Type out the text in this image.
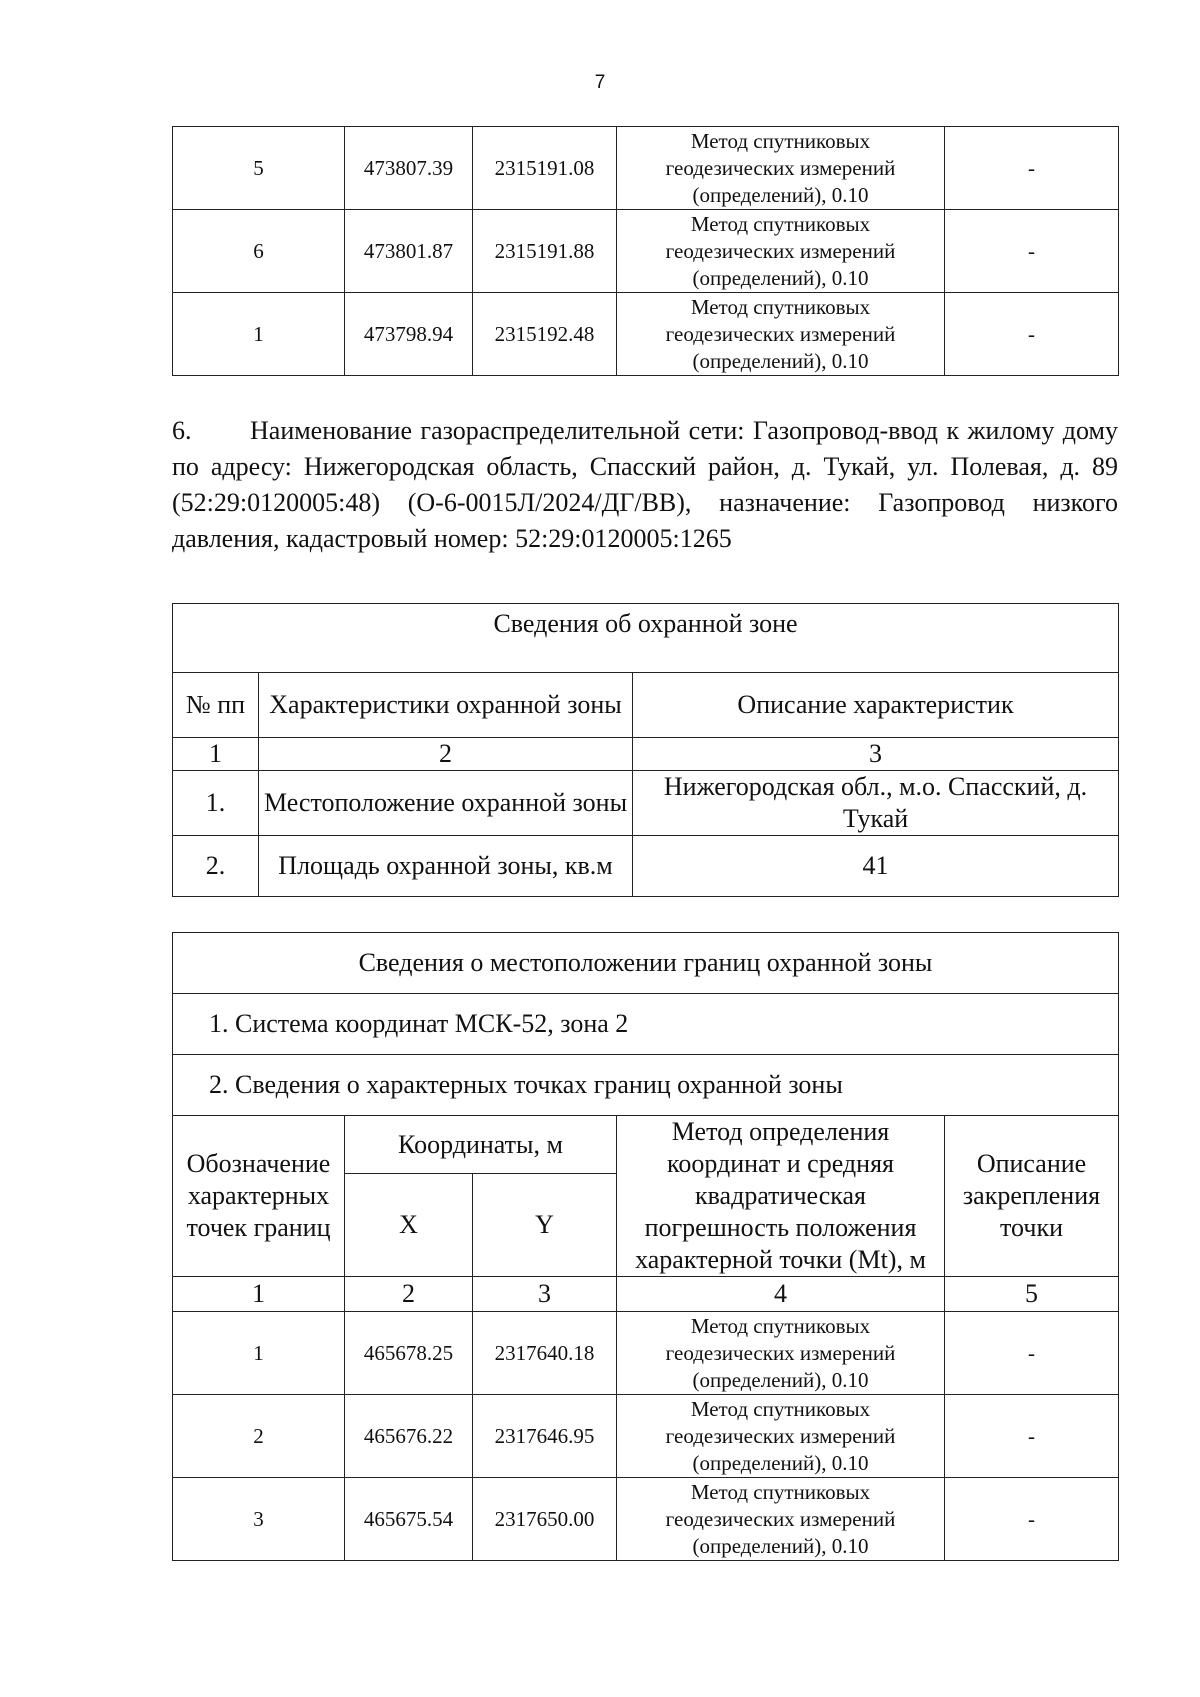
7
5	473807.39	2315191.08	Метод спутниковых
геодезических измерений
(определений), 0.10	-
6	473801.87	2315191.88	Метод спутниковых
геодезических измерений
(определений), 0.10	-
1	473798.94	2315192.48	Метод спутниковых
геодезических измерений
(определений), 0.10	-
6. Наименование газораспределительной сети: Газопровод-ввод к жилому дому по адресу: Нижегородская область, Спасский район, д. Тукай, ул. Полевая, д. 89 (52:29:0120005:48) (О-6-0015Л/2024/ДГ/ВВ), назначение: Газопровод низкого давления, кадастровый номер: 52:29:0120005:1265
Сведения об охранной зоне		
№ пп	Характеристики охранной зоны	Описание характеристик
1	2	3
1.	Местоположение охранной зоны	Нижегородская обл., м.о. Спасский, д. Тукай
2.	Площадь охранной зоны, кв.м	41
Сведения о местоположении границ охранной зоны				
1. Система координат МСК-52, зона 2				
2. Сведения о характерных точках границ охранной зоны				
Обозначение характерных точек границ	Координаты, м		Метод определения координат и средняя квадратическая погрешность положения характерной точки (Mt), м	Описание закрепления точки
	X	Y		
1	2	3	4	5
1	465678.25	2317640.18	Метод спутниковых
геодезических измерений
(определений), 0.10	-
2	465676.22	2317646.95	Метод спутниковых
геодезических измерений
(определений), 0.10	-
3	465675.54	2317650.00	Метод спутниковых
геодезических измерений
(определений), 0.10	-
